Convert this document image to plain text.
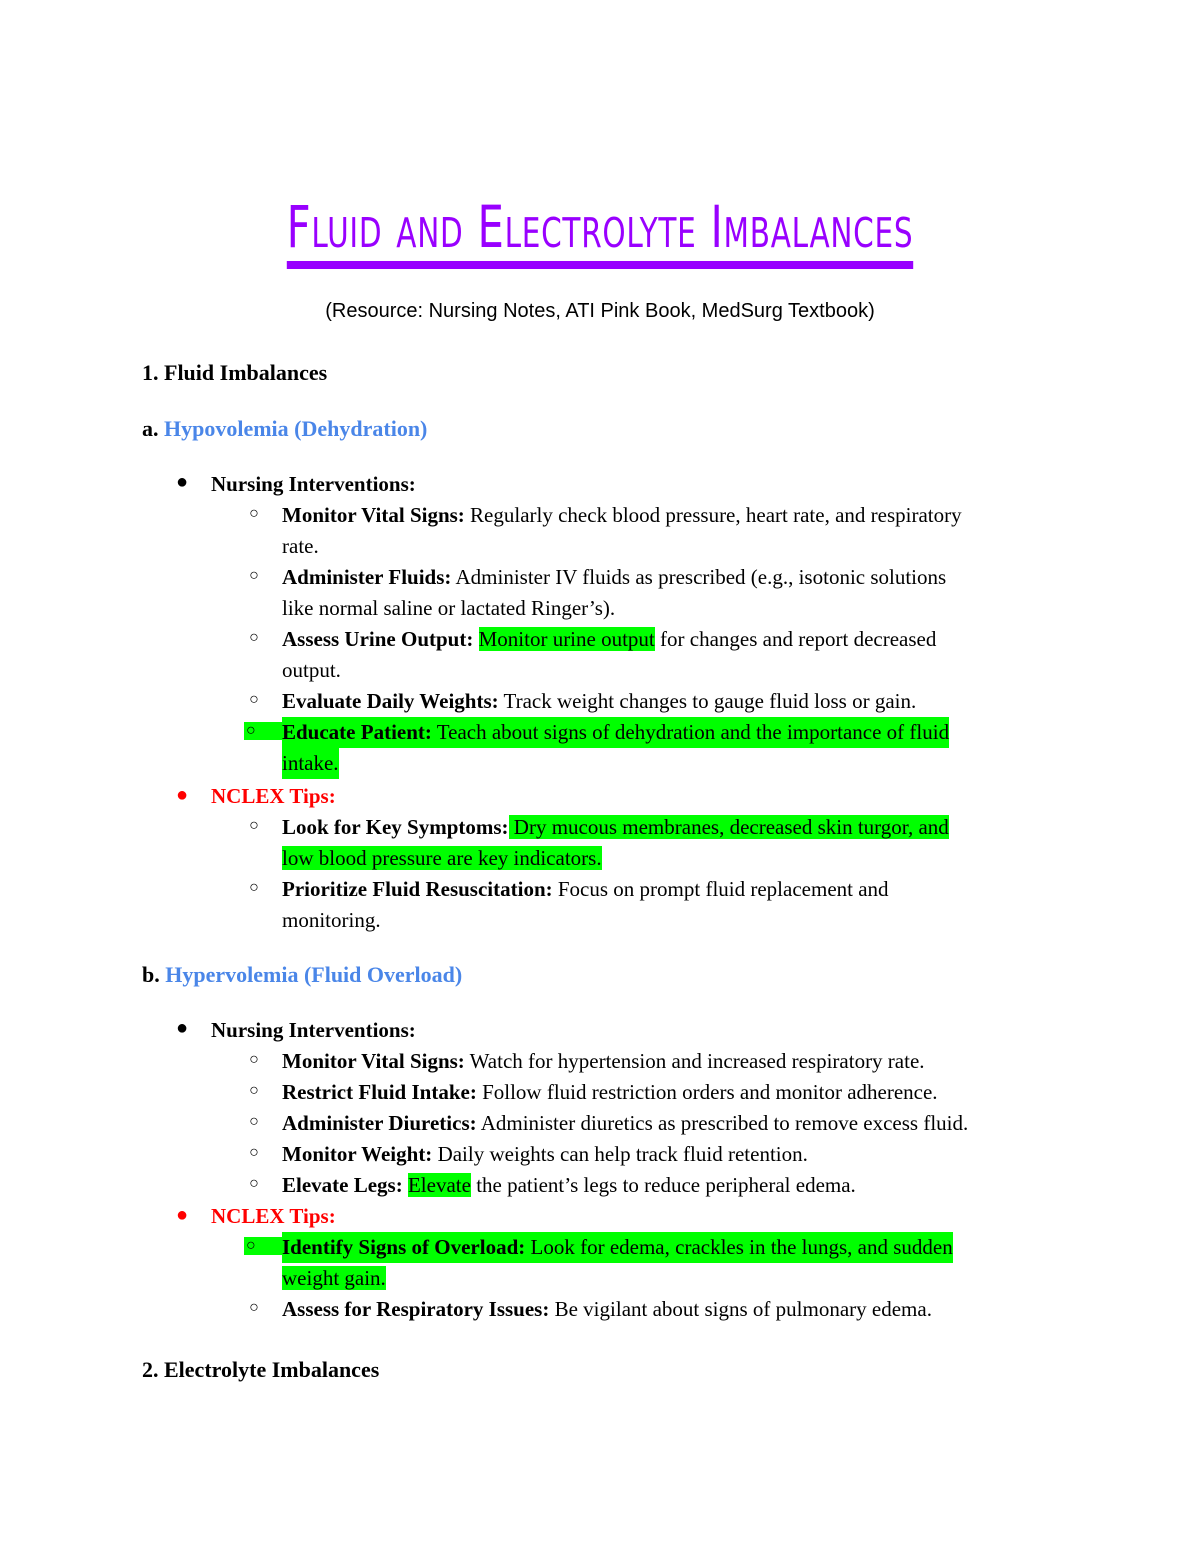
Fluid and Electrolyte Imbalances
(Resource: Nursing Notes, ATI Pink Book, MedSurg Textbook)
1. Fluid Imbalances
a. Hypovolemia (Dehydration)
● Nursing Interventions:
○ Monitor Vital Signs: Regularly check blood pressure, heart rate, and respiratory
rate.
○ Administer Fluids: Administer IV fluids as prescribed (e.g., isotonic solutions
like normal saline or lactated Ringer’s).
○ Assess Urine Output: Monitor urine output for changes and report decreased
output.
○ Evaluate Daily Weights: Track weight changes to gauge fluid loss or gain.
○	Educate Patient: Teach about signs of dehydration and the importance of fluid
intake.
● NCLEX Tips:
○ Look for Key Symptoms: Dry mucous membranes, decreased skin turgor, and
low blood pressure are key indicators.
○ Prioritize Fluid Resuscitation: Focus on prompt fluid replacement and
monitoring.
b. Hypervolemia (Fluid Overload)
● Nursing Interventions:
○ Monitor Vital Signs: Watch for hypertension and increased respiratory rate.
○ Restrict Fluid Intake: Follow fluid restriction orders and monitor adherence.
○ Administer Diuretics: Administer diuretics as prescribed to remove excess fluid.
○ Monitor Weight: Daily weights can help track fluid retention.
○ Elevate Legs: Elevate the patient’s legs to reduce peripheral edema.
● NCLEX Tips:
○	Identify Signs of Overload: Look for edema, crackles in the lungs, and sudden
weight gain.
○ Assess for Respiratory Issues: Be vigilant about signs of pulmonary edema.
2. Electrolyte Imbalances
